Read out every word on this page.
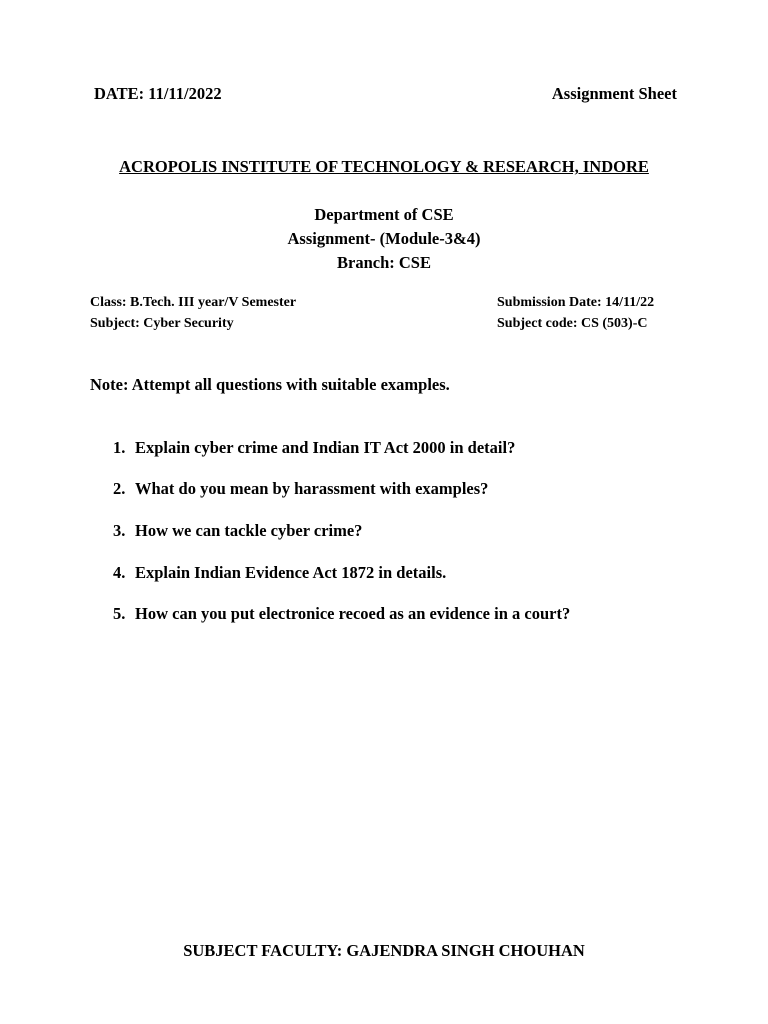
DATE: 11/11/2022	Assignment Sheet
ACROPOLIS INSTITUTE OF TECHNOLOGY & RESEARCH, INDORE
Department of CSE
Assignment- (Module-3&4)
Branch: CSE
Class: B.Tech. III year/V Semester
Subject: Cyber Security
Submission Date: 14/11/22
Subject code: CS (503)-C
Note: Attempt all questions with suitable examples.
1. Explain cyber crime and Indian IT Act 2000 in detail?
2. What do you mean by harassment with examples?
3. How we can tackle cyber crime?
4. Explain Indian Evidence Act 1872 in details.
5. How can you put electronice recoed as an evidence in a court?
SUBJECT FACULTY: GAJENDRA SINGH CHOUHAN
